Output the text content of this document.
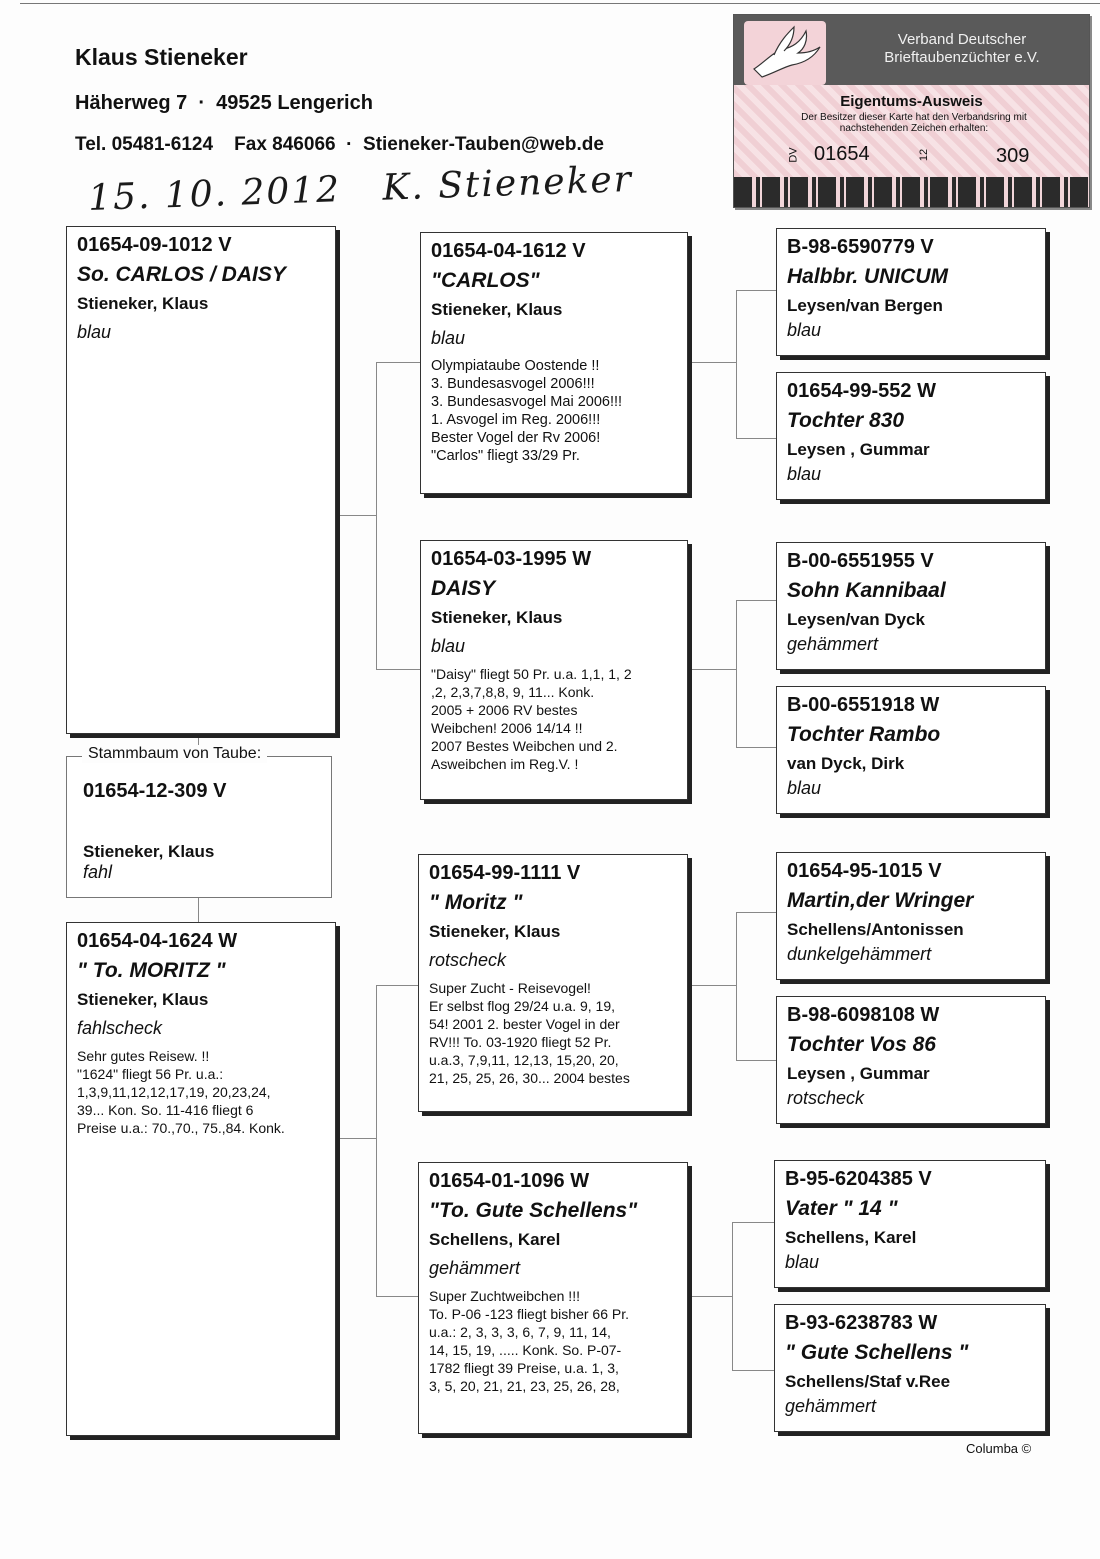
Klaus Stieneker
Häherweg 7  ·  49525 Lengerich
Tel. 05481-6124 Fax 846066  ·  Stieneker-Tauben@web.de
15. 10. 2012 K. Stieneker
Verband Deutscher
Brieftaubenzüchter e.V.
Eigentums-Ausweis
Der Besitzer dieser Karte hat den Verbandsring mit nachstehenden Zeichen erhalten:
DV 01654	12	309
01654-09-1012 V
So. CARLOS / DAISY
Stieneker, Klaus
blau
Stammbaum von Taube:
01654-12-309 V
Stieneker, Klaus
fahl
01654-04-1624 W
" To. MORITZ "
Stieneker, Klaus
fahlscheck
Sehr gutes Reisew. !!
"1624" fliegt 56 Pr. u.a.:
1,3,9,11,12,12,17,19, 20,23,24,
39... Kon. So. 11-416 fliegt 6
Preise u.a.: 70.,70., 75.,84. Konk.
01654-04-1612 V
"CARLOS"
Stieneker, Klaus
blau
Olympiataube Oostende !!
3. Bundesasvogel 2006!!!
3. Bundesasvogel Mai 2006!!!
1. Asvogel im Reg. 2006!!!
Bester Vogel der Rv 2006!
"Carlos" fliegt 33/29 Pr.
01654-03-1995 W
DAISY
Stieneker, Klaus
blau
"Daisy" fliegt 50 Pr. u.a. 1,1, 1, 2
,2, 2,3,7,8,8, 9, 11... Konk.
2005 + 2006 RV bestes
Weibchen! 2006 14/14 !!
2007 Bestes Weibchen und 2.
Asweibchen im Reg.V. !
01654-99-1111 V
" Moritz "
Stieneker, Klaus
rotscheck
Super Zucht - Reisevogel!
Er selbst flog 29/24 u.a. 9, 19,
54! 2001 2. bester Vogel in der
RV!!! To. 03-1920 fliegt 52 Pr.
u.a.3, 7,9,11, 12,13, 15,20, 20,
21, 25, 25, 26, 30... 2004 bestes
01654-01-1096 W
"To. Gute Schellens"
Schellens, Karel
gehämmert
Super Zuchtweibchen !!!
To. P-06 -123 fliegt bisher 66 Pr.
u.a.: 2, 3, 3, 3, 6, 7, 9, 11, 14,
14, 15, 19, ..... Konk. So. P-07-
1782 fliegt 39 Preise, u.a. 1, 3,
3, 5, 20, 21, 21, 23, 25, 26, 28,
B-98-6590779 V
Halbbr. UNICUM
Leysen/van Bergen
blau
01654-99-552 W
Tochter 830
Leysen , Gummar
blau
B-00-6551955 V
Sohn Kannibaal
Leysen/van Dyck
gehämmert
B-00-6551918 W
Tochter Rambo
van Dyck, Dirk
blau
01654-95-1015 V
Martin,der Wringer
Schellens/Antonissen
dunkelgehämmert
B-98-6098108 W
Tochter Vos 86
Leysen , Gummar
rotscheck
B-95-6204385 V
Vater " 14 "
Schellens, Karel
blau
B-93-6238783 W
" Gute Schellens "
Schellens/Staf v.Ree
gehämmert
Columba ©
